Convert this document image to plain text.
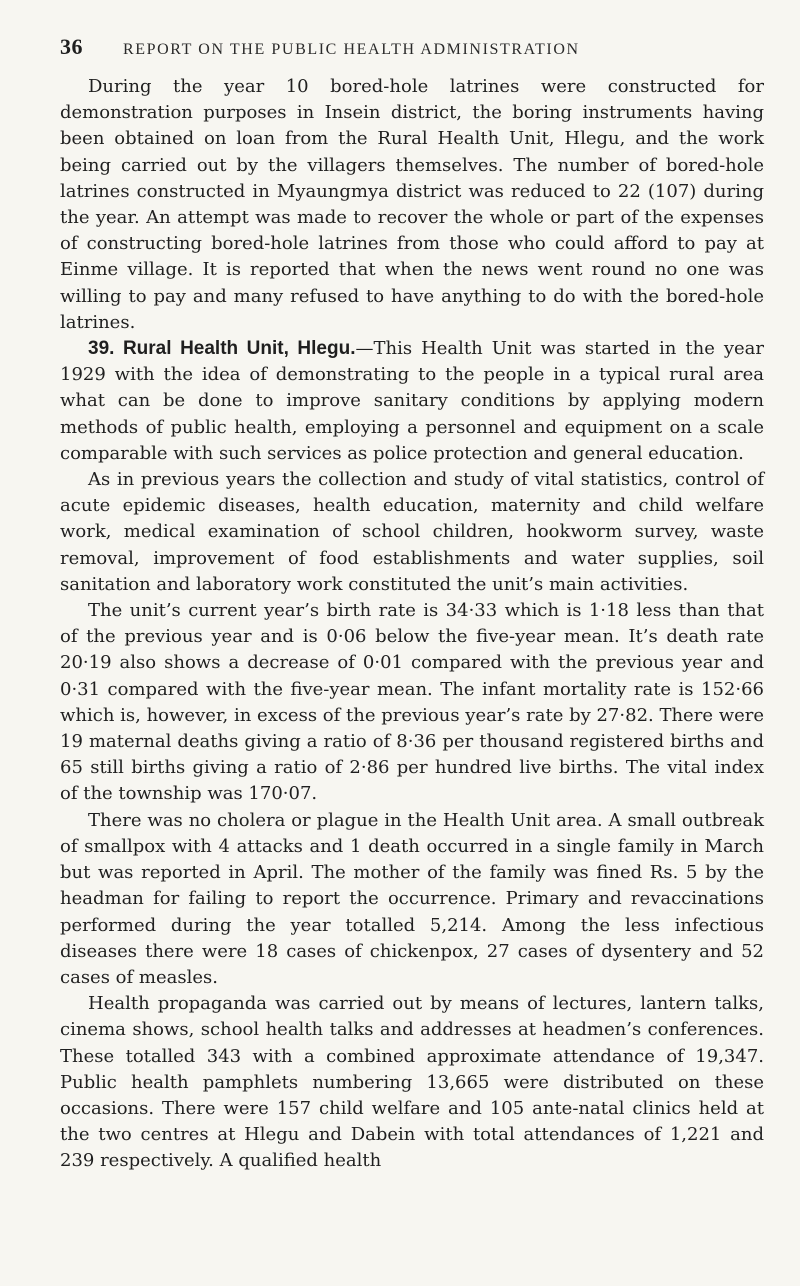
36	REPORT ON THE PUBLIC HEALTH ADMINISTRATION

During the year 10 bored-hole latrines were constructed for demonstration purposes in Insein district, the boring instruments having been obtained on loan from the Rural Health Unit, Hlegu, and the work being carried out by the villagers themselves. The number of bored-hole latrines constructed in Myaungmya district was reduced to 22 (107) during the year. An attempt was made to recover the whole or part of the expenses of constructing bored-hole latrines from those who could afford to pay at Einme village. It is reported that when the news went round no one was willing to pay and many refused to have anything to do with the bored-hole latrines.

39. Rural Health Unit, Hlegu.—This Health Unit was started in the year 1929 with the idea of demonstrating to the people in a typical rural area what can be done to improve sanitary conditions by applying modern methods of public health, employing a personnel and equipment on a scale comparable with such services as police protection and general education.

As in previous years the collection and study of vital statistics, control of acute epidemic diseases, health education, maternity and child welfare work, medical examination of school children, hookworm survey, waste removal, improvement of food establishments and water supplies, soil sanitation and laboratory work constituted the unit’s main activities.

The unit’s current year’s birth rate is 34·33 which is 1·18 less than that of the previous year and is 0·06 below the five-year mean. It’s death rate 20·19 also shows a decrease of 0·01 compared with the previous year and 0·31 compared with the five-year mean. The infant mortality rate is 152·66 which is, however, in excess of the previous year’s rate by 27·82. There were 19 maternal deaths giving a ratio of 8·36 per thousand registered births and 65 still births giving a ratio of 2·86 per hundred live births. The vital index of the township was 170·07.

There was no cholera or plague in the Health Unit area. A small outbreak of smallpox with 4 attacks and 1 death occurred in a single family in March but was reported in April. The mother of the family was fined Rs. 5 by the headman for failing to report the occurrence. Primary and revaccinations performed during the year totalled 5,214. Among the less infectious diseases there were 18 cases of chickenpox, 27 cases of dysentery and 52 cases of measles.

Health propaganda was carried out by means of lectures, lantern talks, cinema shows, school health talks and addresses at headmen’s conferences. These totalled 343 with a combined approximate attendance of 19,347. Public health pamphlets numbering 13,665 were distributed on these occasions. There were 157 child welfare and 105 ante-natal clinics held at the two centres at Hlegu and Dabein with total attendances of 1,221 and 239 respectively. A qualified health
